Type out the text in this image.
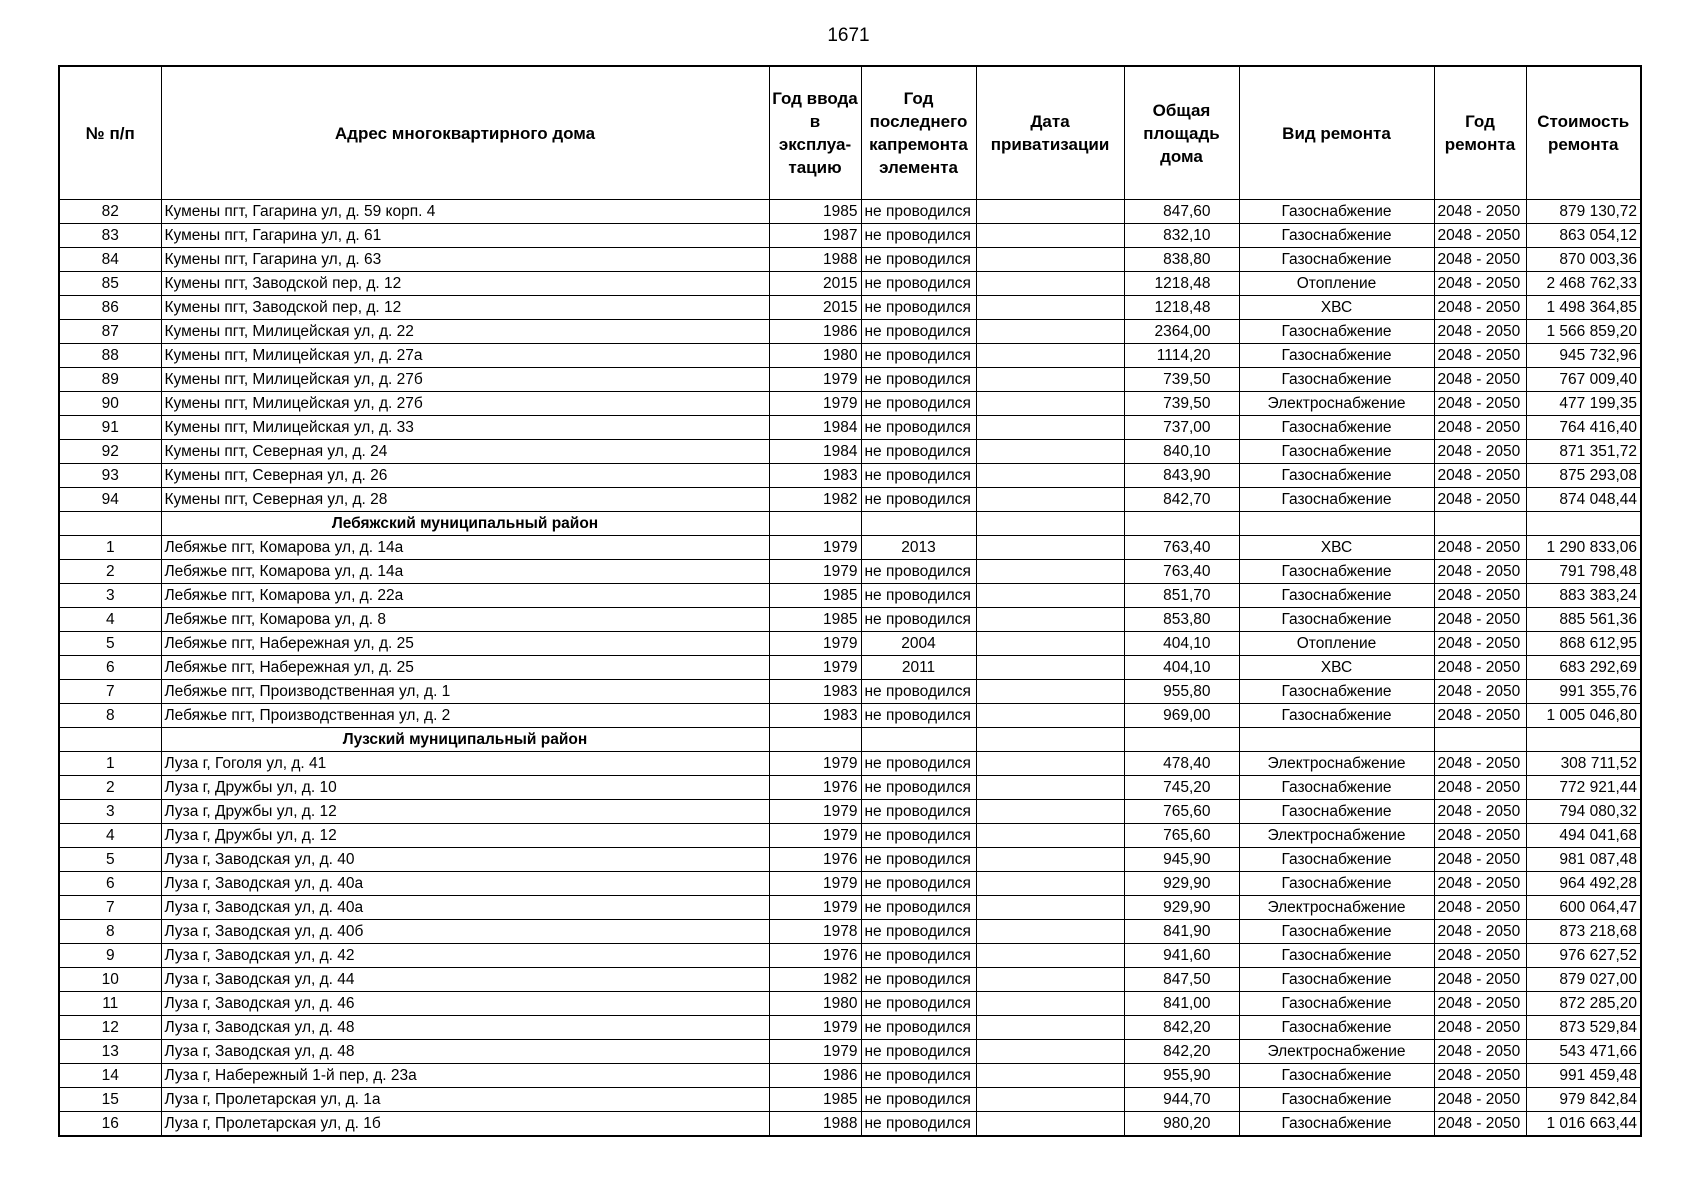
1671
№ п/п	Адрес многоквартирного дома	Год ввода в эксплуа-тацию	Год последнего капремонта элемента	Дата приватизации	Общая площадь дома	Вид ремонта	Год ремонта	Стоимость ремонта
82	Кумены пгт, Гагарина ул, д. 59 корп. 4	1985	не проводился		847,60	Газоснабжение	2048 - 2050	879 130,72
83	Кумены пгт, Гагарина ул, д. 61	1987	не проводился		832,10	Газоснабжение	2048 - 2050	863 054,12
84	Кумены пгт, Гагарина ул, д. 63	1988	не проводился		838,80	Газоснабжение	2048 - 2050	870 003,36
85	Кумены пгт, Заводской пер, д. 12	2015	не проводился		1218,48	Отопление	2048 - 2050	2 468 762,33
86	Кумены пгт, Заводской пер, д. 12	2015	не проводился		1218,48	ХВС	2048 - 2050	1 498 364,85
87	Кумены пгт, Милицейская ул, д. 22	1986	не проводился		2364,00	Газоснабжение	2048 - 2050	1 566 859,20
88	Кумены пгт, Милицейская ул, д. 27а	1980	не проводился		1114,20	Газоснабжение	2048 - 2050	945 732,96
89	Кумены пгт, Милицейская ул, д. 27б	1979	не проводился		739,50	Газоснабжение	2048 - 2050	767 009,40
90	Кумены пгт, Милицейская ул, д. 27б	1979	не проводился		739,50	Электроснабжение	2048 - 2050	477 199,35
91	Кумены пгт, Милицейская ул, д. 33	1984	не проводился		737,00	Газоснабжение	2048 - 2050	764 416,40
92	Кумены пгт, Северная ул, д. 24	1984	не проводился		840,10	Газоснабжение	2048 - 2050	871 351,72
93	Кумены пгт, Северная ул, д. 26	1983	не проводился		843,90	Газоснабжение	2048 - 2050	875 293,08
94	Кумены пгт, Северная ул, д. 28	1982	не проводился		842,70	Газоснабжение	2048 - 2050	874 048,44
	Лебяжский муниципальный район							
1	Лебяжье пгт, Комарова ул, д. 14а	1979	2013		763,40	ХВС	2048 - 2050	1 290 833,06
2	Лебяжье пгт, Комарова ул, д. 14а	1979	не проводился		763,40	Газоснабжение	2048 - 2050	791 798,48
3	Лебяжье пгт, Комарова ул, д. 22а	1985	не проводился		851,70	Газоснабжение	2048 - 2050	883 383,24
4	Лебяжье пгт, Комарова ул, д. 8	1985	не проводился		853,80	Газоснабжение	2048 - 2050	885 561,36
5	Лебяжье пгт, Набережная ул, д. 25	1979	2004		404,10	Отопление	2048 - 2050	868 612,95
6	Лебяжье пгт, Набережная ул, д. 25	1979	2011		404,10	ХВС	2048 - 2050	683 292,69
7	Лебяжье пгт, Производственная ул, д. 1	1983	не проводился		955,80	Газоснабжение	2048 - 2050	991 355,76
8	Лебяжье пгт, Производственная ул, д. 2	1983	не проводился		969,00	Газоснабжение	2048 - 2050	1 005 046,80
	Лузский муниципальный район							
1	Луза г, Гоголя ул, д. 41	1979	не проводился		478,40	Электроснабжение	2048 - 2050	308 711,52
2	Луза г, Дружбы ул, д. 10	1976	не проводился		745,20	Газоснабжение	2048 - 2050	772 921,44
3	Луза г, Дружбы ул, д. 12	1979	не проводился		765,60	Газоснабжение	2048 - 2050	794 080,32
4	Луза г, Дружбы ул, д. 12	1979	не проводился		765,60	Электроснабжение	2048 - 2050	494 041,68
5	Луза г, Заводская ул, д. 40	1976	не проводился		945,90	Газоснабжение	2048 - 2050	981 087,48
6	Луза г, Заводская ул, д. 40а	1979	не проводился		929,90	Газоснабжение	2048 - 2050	964 492,28
7	Луза г, Заводская ул, д. 40а	1979	не проводился		929,90	Электроснабжение	2048 - 2050	600 064,47
8	Луза г, Заводская ул, д. 40б	1978	не проводился		841,90	Газоснабжение	2048 - 2050	873 218,68
9	Луза г, Заводская ул, д. 42	1976	не проводился		941,60	Газоснабжение	2048 - 2050	976 627,52
10	Луза г, Заводская ул, д. 44	1982	не проводился		847,50	Газоснабжение	2048 - 2050	879 027,00
11	Луза г, Заводская ул, д. 46	1980	не проводился		841,00	Газоснабжение	2048 - 2050	872 285,20
12	Луза г, Заводская ул, д. 48	1979	не проводился		842,20	Газоснабжение	2048 - 2050	873 529,84
13	Луза г, Заводская ул, д. 48	1979	не проводился		842,20	Электроснабжение	2048 - 2050	543 471,66
14	Луза г, Набережный 1-й пер, д. 23а	1986	не проводился		955,90	Газоснабжение	2048 - 2050	991 459,48
15	Луза г, Пролетарская ул, д. 1а	1985	не проводился		944,70	Газоснабжение	2048 - 2050	979 842,84
16	Луза г, Пролетарская ул, д. 1б	1988	не проводился		980,20	Газоснабжение	2048 - 2050	1 016 663,44
